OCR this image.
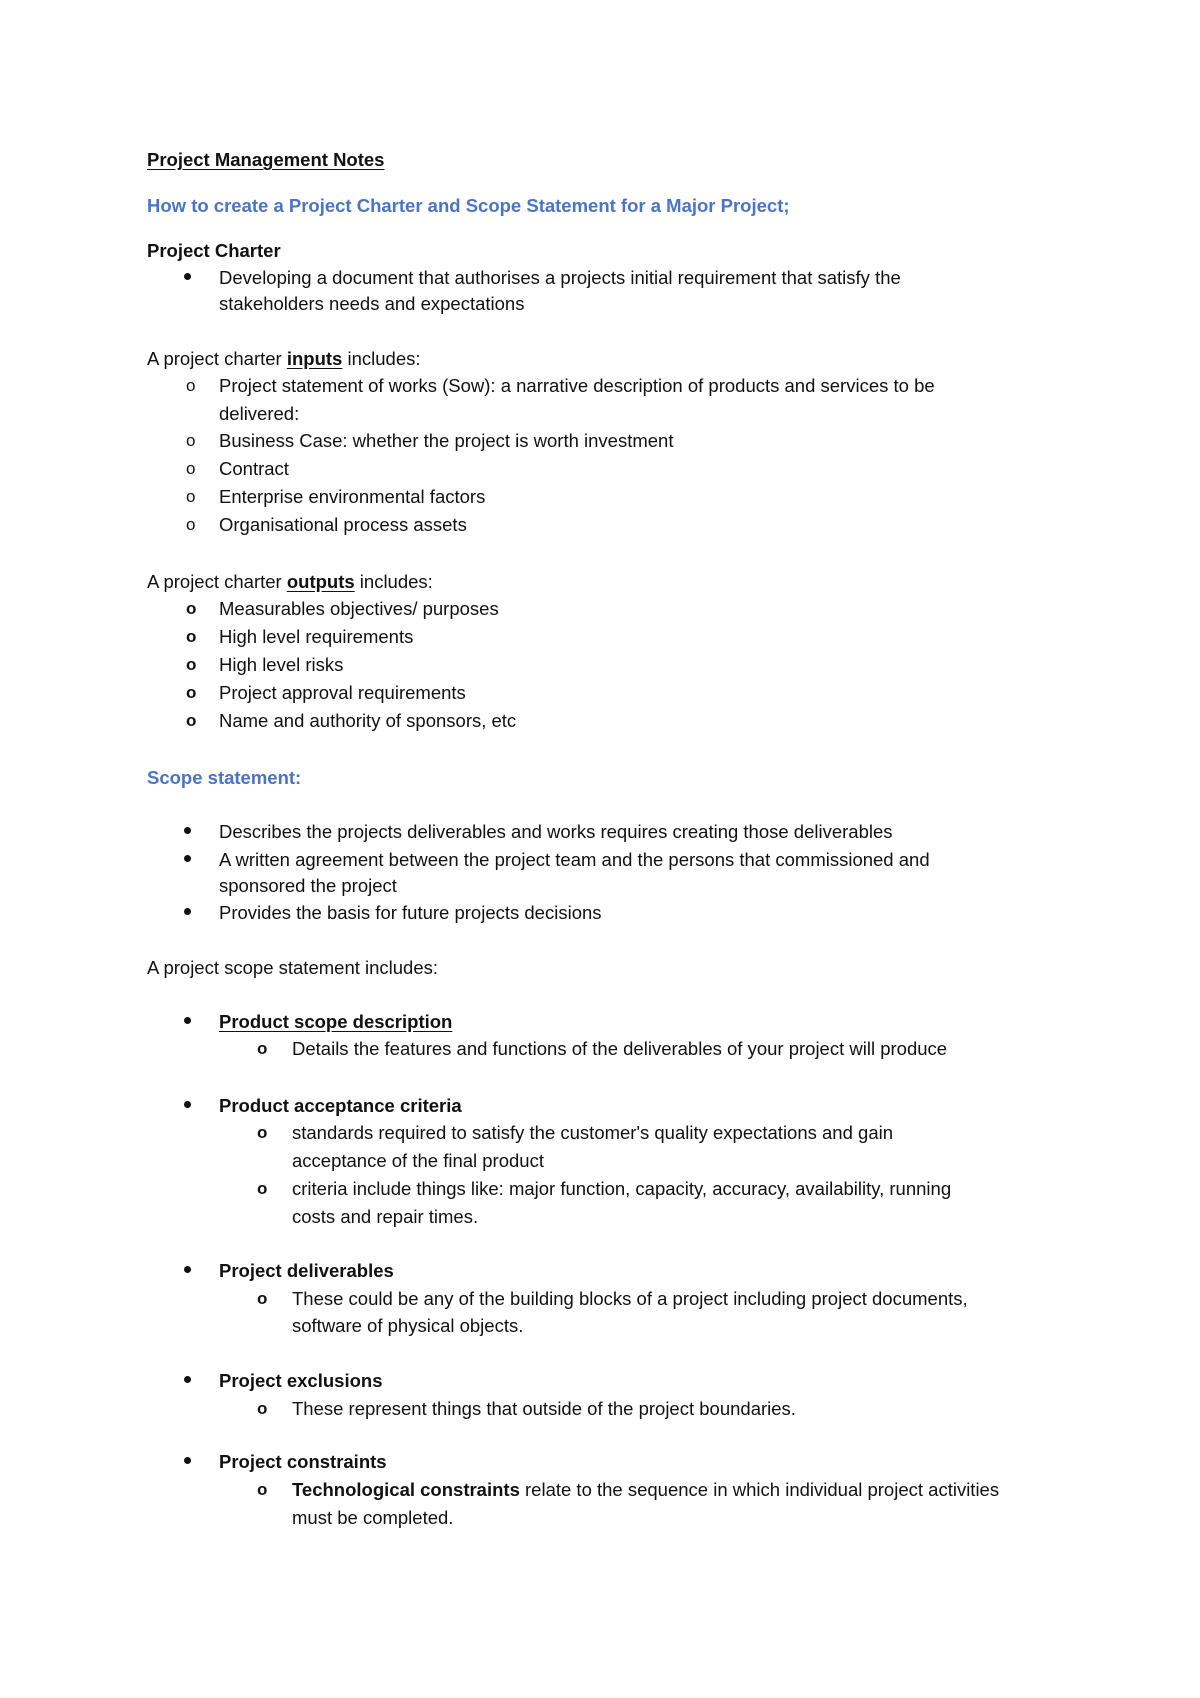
Project Management Notes
How to create a Project Charter and Scope Statement for a Major Project;
Project Charter
Developing a document that authorises a projects initial requirement that satisfy the
stakeholders needs and expectations
A project charter inputs includes:
o Project statement of works (Sow): a narrative description of products and services to be
delivered:
o Business Case: whether the project is worth investment
o Contract
o Enterprise environmental factors
o Organisational process assets
A project charter outputs includes:
o Measurables objectives/ purposes
o High level requirements
o High level risks
o Project approval requirements
o Name and authority of sponsors, etc
Scope statement:
Describes the projects deliverables and works requires creating those deliverables
A written agreement between the project team and the persons that commissioned and
sponsored the project
Provides the basis for future projects decisions
A project scope statement includes:
Product scope description
o Details the features and functions of the deliverables of your project will produce
Product acceptance criteria
o standards required to satisfy the customer's quality expectations and gain
acceptance of the final product
o criteria include things like: major function, capacity, accuracy, availability, running
costs and repair times.
Project deliverables
o These could be any of the building blocks of a project including project documents,
software of physical objects.
Project exclusions
o These represent things that outside of the project boundaries.
Project constraints
o Technological constraints relate to the sequence in which individual project activities
must be completed.
